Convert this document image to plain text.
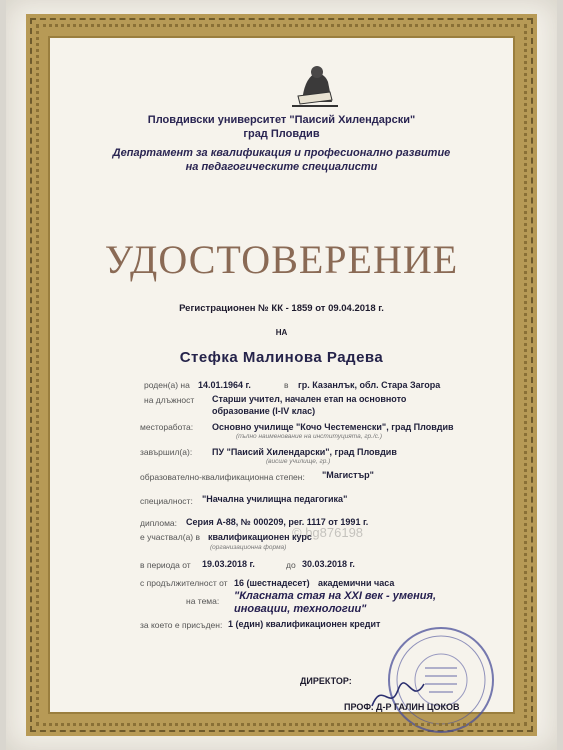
Пловдивски университет "Паисий Хилендарски"
град Пловдив
Департамент за квалификация и професионално развитие на педагогическите специалисти
УДОСТОВЕРЕНИЕ
Регистрационен № КК - 1859 от 09.04.2018 г.
НА
Стефка Малинова Радева
роден(а) на 14.01.1964 г.	в гр. Казанлък, обл. Стара Загора
на длъжност Старши учител, начален етап на основното образование (I-IV клас)
месторабота: Основно училище "Кочо Честеменски", град Пловдив
(пълно наименование на институцията, гр./с.)
завършил(а): ПУ "Паисий Хилендарски", град Пловдив
(висше училище, гр.)
образователно-квалификационна степен: "Магистър"
специалност: "Начална училищна педагогика"
диплома: Серия А-88, № 000209, рег. 1117 от 1991 г.
е участвал(а) в квалификационен курс
(организационна форма)
в периода от 19.03.2018 г.	до 30.03.2018 г.
с продължителност от 16 (шестнадесет) академични часа
на тема: "Класната стая на XXI век - умения, иновации, технологии"
за което е присъден: 1 (един) квалификационен кредит
ДИРЕКТОР:
ПРОФ. Д-Р ГАЛИН ЦОКОВ
© bg876198
